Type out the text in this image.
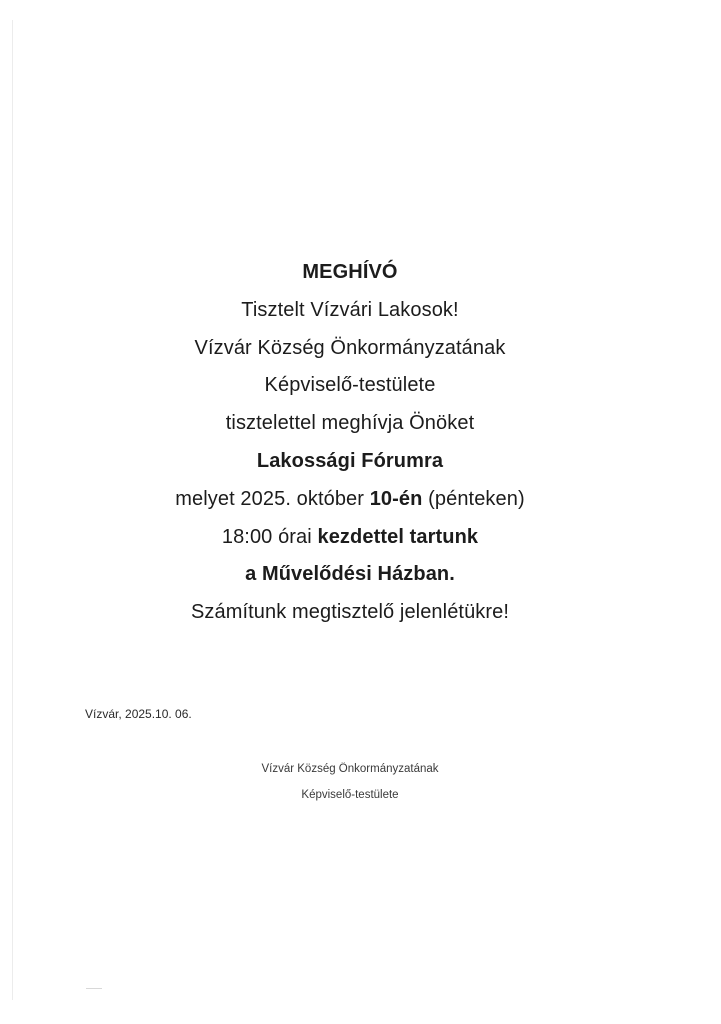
MEGHÍVÓ
Tisztelt Vízvári Lakosok!
Vízvár Község Önkormányzatának
Képviselő-testülete
tisztelettel meghívja Önöket
Lakossági Fórumra
melyet 2025. október 10-én (pénteken)
18:00 órai kezdettel tartunk
a Művelődési Házban.
Számítunk megtisztelő jelenlétükre!
Vízvár, 2025.10. 06.
Vízvár Község Önkormányzatának
Képviselő-testülete
